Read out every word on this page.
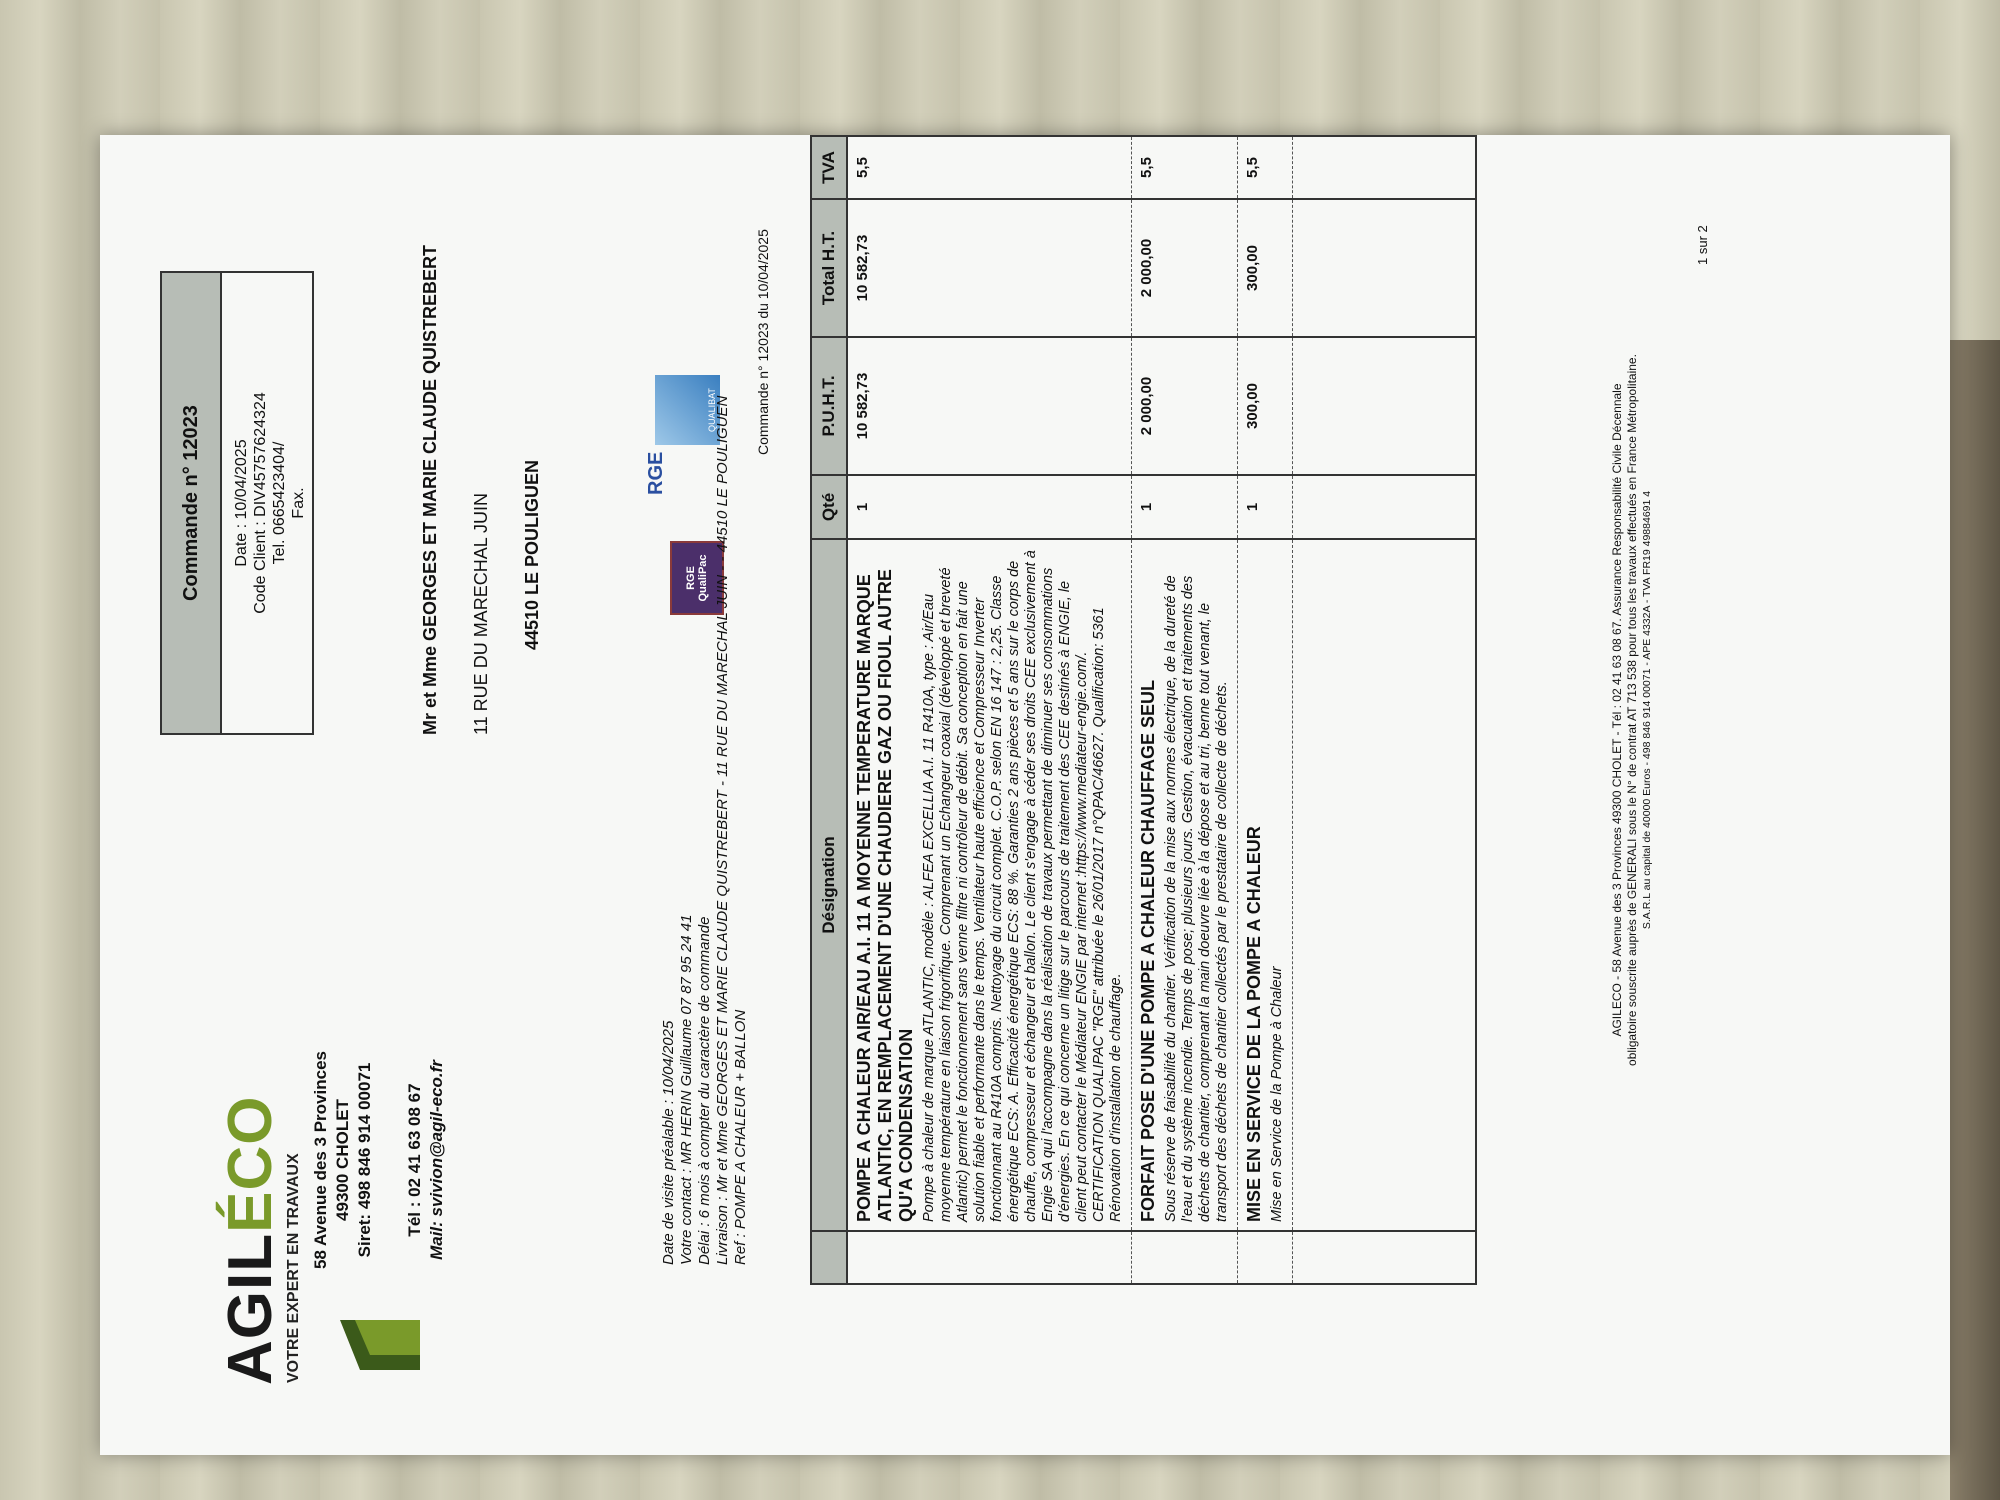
AGILÉCO VOTRE EXPERT EN TRAVAUX 58 Avenue des 3 Provinces 49300 CHOLET Siret: 498 846 914 00071 Tél : 02 41 63 08 67 Mail: svivion@agil-eco.fr
Commande n° 12023	Date : 10/04/2025 Code Client : DIV45757624324 Tel. 0665423404/ Fax.	Mr et Mme GEORGES ET MARIE CLAUDE QUISTREBERT 11 RUE DU MARECHAL JUIN 44510 LE POULIGUEN	RGE QualiPac
RGE
QUALIBAT	Commande n° 12023 du 10/04/2025
Date de visite préalable : 10/04/2025 Votre contact : MR HERIN Guillaume 07 87 95 24 41 Délai : 6 mois à compter du caractère de commande Livraison : Mr et Mme GEORGES ET MARIE CLAUDE QUISTREBERT - 11 RUE DU MARECHAL JUIN - - 44510 LE POULIGUEN Ref : POMPE A CHALEUR + BALLON
	Désignation	Qté	P.U.H.T.	Total H.T.	TVA

	POMPE A CHALEUR AIR/EAU A.I. 11 A MOYENNE TEMPERATURE MARQUE ATLANTIC, EN REMPLACEMENT D'UNE CHAUDIERE GAZ OU FIOUL AUTRE QU'A CONDENSATION Pompe à chaleur de marque ATLANTIC, modèle : ALFEA EXCELLIA A.I. 11 R410A, type : Air/Eau moyenne température en liaison frigorifique. Comprenant un Echangeur coaxial (développé et breveté Atlantic) permet le fonctionnement sans venne filtre ni contrôleur de débit. Sa conception en fait une solution fiable et performante dans le temps. Ventilateur haute efficience et Compresseur Inverter fonctionnant au R410A compris. Nettoyage du circuit complet. C.O.P. selon EN 16 147 : 2,25. Classe énergétique ECS: A. Efficacité énergétique ECS: 88 %. Garanties 2 ans pièces et 5 ans sur le corps de chauffe, compresseur et échangeur et ballon. Le client s'engage à céder ses droits CEE exclusivement à Engie SA qui l'accompagne dans la réalisation de travaux permettant de diminuer ses consommations d'énergies. En ce qui concerne un litige sur le parcours de traitement des CEE destinés à ENGIE, le client peut contacter le Médiateur ENGIE par internet :https://www.mediateur-engie.com/. CERTIFICATION QUALIPAC "RGE" attribuée le 26/01/2017 n°QPAC/46627. Qualification: 5361 Rénovation d'installation de chauffage.	1	10 582,73	10 582,73	5,5

	FORFAIT POSE D'UNE POMPE A CHALEUR CHAUFFAGE SEUL Sous réserve de faisabilité du chantier. Vérification de la mise aux normes électrique, de la dureté de l'eau et du système incendie. Temps de pose; plusieurs jours. Gestion, évacuation et traitements des déchets de chantier, comprenant la main doeuvre liée à la dépose et au tri, benne tout venant, le transport des déchets de chantier collectés par le prestataire de collecte de déchets.	1	2 000,00	2 000,00	5,5

	MISE EN SERVICE DE LA POMPE A CHALEUR Mise en Service de la Pompe à Chaleur	1	300,00	300,00	5,5

AGILECO - 58 Avenue des 3 Provinces 49300 CHOLET - Tél : 02 41 63 08 67. Assurance Responsabilité Civile Décennale obligatoire souscrite auprès de GENERALI sous le N° de contrat AT 713 538 pour tous les travaux effectués en France Métropolitaine. S.A.R.L au capital de 40000 Euros - 498 846 914 00071 - APE 4332A - TVA FR19 49884691 4
1 sur 2
